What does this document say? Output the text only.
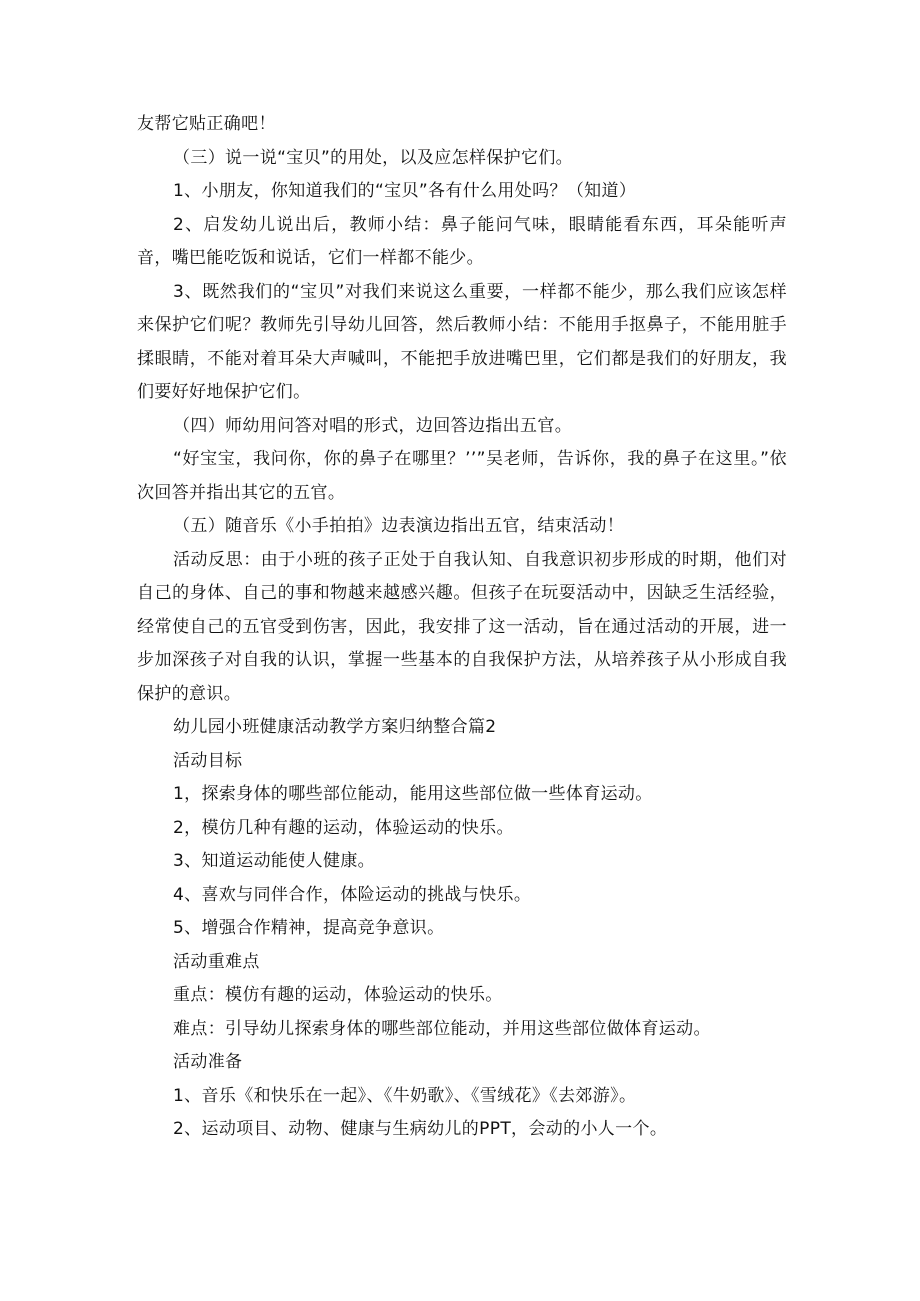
友帮它贴正确吧！

（三）说一说“宝贝”的用处，以及应怎样保护它们。

1、小朋友，你知道我们的“宝贝”各有什么用处吗？（知道）

2、启发幼儿说出后，教师小结：鼻子能问气味，眼睛能看东西，耳朵能听声音，嘴巴能吃饭和说话，它们一样都不能少。

3、既然我们的“宝贝”对我们来说这么重要，一样都不能少，那么我们应该怎样来保护它们呢？教师先引导幼儿回答，然后教师小结：不能用手抠鼻子，不能用脏手揉眼睛，不能对着耳朵大声喊叫，不能把手放进嘴巴里，它们都是我们的好朋友，我们要好好地保护它们。

（四）师幼用问答对唱的形式，边回答边指出五官。

“好宝宝，我问你，你的鼻子在哪里？’’”吴老师，告诉你，我的鼻子在这里。”依次回答并指出其它的五官。

（五）随音乐《小手拍拍》边表演边指出五官，结束活动！

活动反思：由于小班的孩子正处于自我认知、自我意识初步形成的时期，他们对自己的身体、自己的事和物越来越感兴趣。但孩子在玩耍活动中，因缺乏生活经验，经常使自己的五官受到伤害，因此，我安排了这一活动，旨在通过活动的开展，进一步加深孩子对自我的认识，掌握一些基本的自我保护方法，从培养孩子从小形成自我保护的意识。

幼儿园小班健康活动教学方案归纳整合篇2

活动目标

1，探索身体的哪些部位能动，能用这些部位做一些体育运动。

2，模仿几种有趣的运动，体验运动的快乐。

3、知道运动能使人健康。

4、喜欢与同伴合作，体险运动的挑战与快乐。

5、增强合作精神，提高竞争意识。

活动重难点

重点：模仿有趣的运动，体验运动的快乐。

难点：引导幼儿探索身体的哪些部位能动，并用这些部位做体育运动。

活动准备

1、音乐《和快乐在一起》、《牛奶歌》、《雪绒花》《去郊游》。

2、运动项目、动物、健康与生病幼儿的PPT，会动的小人一个。
